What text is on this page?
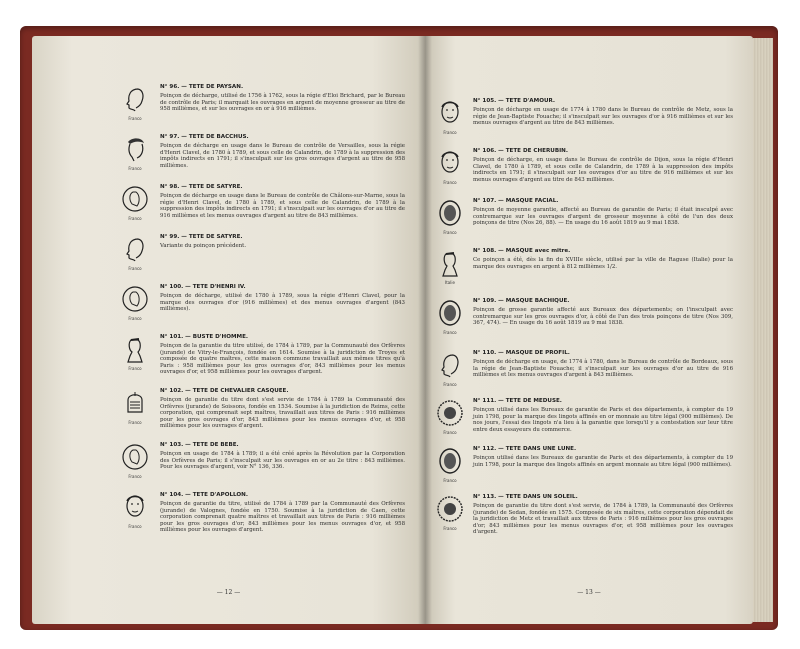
Franco
N° 96. — TETE DE PAYSAN.
Poinçon de décharge, utilisé de 1756 à 1762, sous la régie d'Eloi Brichard, par le Bureau de contrôle de Paris; il marquait les ouvrages en argent de moyenne grosseur au titre de 958 millièmes, et sur les ouvrages en or à 916 millièmes.
Franco
N° 97. — TETE DE BACCHUS.
Poinçon de décharge en usage dans le Bureau de contrôle de Versailles, sous la régie d'Henri Clavel, de 1780 à 1789, et sous celle de Calandrin, de 1789 à la suppression des impôts indirects en 1791; il s'insculpait sur les gros ouvrages d'argent au titre de 958 millièmes.
Franco
N° 98. — TETE DE SATYRE.
Poinçon de décharge en usage dans le Bureau de contrôle de Châlons-sur-Marne, sous la régie d'Henri Clavel, de 1780 à 1789, et sous celle de Calandrin, de 1789 à la suppression des impôts indirects en 1791; il s'insculpait sur les ouvrages d'or au titre de 916 millièmes et les menus ouvrages d'argent au titre de 843 millièmes.
Franco
N° 99. — TETE DE SATYRE.
Variante du poinçon précédent.
Franco
N° 100. — TETE D'HENRI IV.
Poinçon de décharge, utilisé de 1780 à 1789, sous la régie d'Henri Clavel, pour la marque des ouvrages d'or (916 millièmes) et des menus ouvrages d'argent (843 millièmes).
Franco
N° 101. — BUSTE D'HOMME.
Poinçon de la garantie du titre utilisé, de 1784 à 1789, par la Communauté des Orfèvres (jurande) de Vitry-le-François, fondée en 1614. Soumise à la juridiction de Troyes et composée de quatre maîtres, cette maison commune travaillait aux mêmes titres qu'à Paris : 958 millièmes pour les gros ouvrages d'or, 843 millièmes pour les menus ouvrages d'or, et 958 millièmes pour les ouvrages d'argent.
Franco
N° 102. — TETE DE CHEVALIER CASQUEE.
Poinçon de garantie du titre dont s'est servie de 1784 à 1789 la Communauté des Orfèvres (jurande) de Soissons, fondée en 1534. Soumise à la juridiction de Reims, cette corporation, qui comprenait sept maîtres, travaillait aux titres de Paris : 916 millièmes pour les gros ouvrages d'or; 843 millièmes pour les menus ouvrages d'or, et 958 millièmes pour les ouvrages d'argent.
Franco
N° 103. — TETE DE BEBE.
Poinçon en usage de 1784 à 1789; il a été créé après la Révolution par la Corporation des Orfèvres de Paris; il s'insculpait sur les ouvrages en or au 2e titre : 843 millièmes. Pour les ouvrages d'argent, voir N° 136, 336.
Franco
N° 104. — TETE D'APOLLON.
Poinçon de garantie du titre, utilisé de 1784 à 1789 par la Communauté des Orfèvres (jurande) de Valognes, fondée en 1750. Soumise à la juridiction de Caen, cette corporation comprenait quatre maîtres et travaillait aux titres de Paris : 916 millièmes pour les gros ouvrages d'or; 843 millièmes pour les menus ouvrages d'or, et 958 millièmes pour les ouvrages d'argent.
— 12 —
Franco
N° 105. — TETE D'AMOUR.
Poinçon de décharge en usage de 1774 à 1780 dans le Bureau de contrôle de Metz, sous la régie de Jean-Baptiste Fouache; il s'insculpait sur les ouvrages d'or à 916 millièmes et sur les menus ouvrages d'argent au titre de 843 millièmes.
Franco
N° 106. — TETE DE CHERUBIN.
Poinçon de décharge, en usage dans le Bureau de contrôle de Dijon, sous la régie d'Henri Clavel, de 1780 à 1789, et sous celle de Calandrin, de 1789 à la suppression des impôts indirects en 1791; il s'insculpait sur les ouvrages d'or au titre de 916 millièmes et sur les menus ouvrages d'argent au titre de 843 millièmes.
Franco
N° 107. — MASQUE FACIAL.
Poinçon de moyenne garantie, affecté au Bureau de garantie de Paris; il était insculpé avec contremarque sur les ouvrages d'argent de grosseur moyenne à côté de l'un des deux poinçons de titre (Nos 26, 88). — En usage du 16 août 1819 au 9 mai 1838.
Italie
N° 108. — MASQUE avec mitre.
Ce poinçon a été, dès la fin du XVIIIe siècle, utilisé par la ville de Raguse (Italie) pour la marque des ouvrages en argent à 812 millièmes 1/2.
Franco
N° 109. — MASQUE BACHIQUE.
Poinçon de grosse garantie affecté aux Bureaux des départements; on l'insculpait avec contremarque sur les gros ouvrages d'or, à côté de l'un des trois poinçons de titre (Nos 309, 367, 474). — En usage du 16 août 1819 au 9 mai 1838.
Franco
N° 110. — MASQUE DE PROFIL.
Poinçon de décharge en usage, de 1774 à 1780, dans le Bureau de contrôle de Bordeaux, sous la régie de Jean-Baptiste Fouache; il s'insculpait sur les ouvrages d'or au titre de 916 millièmes et les menus ouvrages d'argent à 843 millièmes.
Franco
N° 111. — TETE DE MEDUSE.
Poinçon utilisé dans les Bureaux de garantie de Paris et des départements, à compter du 19 juin 1798, pour la marque des lingots affinés en or monnaie au titre légal (900 millièmes). De nos jours, l'essai des lingots n'a lieu à la garantie que lorsqu'il y a contestation sur leur titre entre deux essayeurs du commerce.
Franco
N° 112. — TETE DANS UNE LUNE.
Poinçon utilisé dans les Bureaux de garantie de Paris et des départements, à compter du 19 juin 1798, pour la marque des lingots affinés en argent monnaie au titre légal (900 millièmes).
Franco
N° 113. — TETE DANS UN SOLEIL.
Poinçon de garantie du titre dont s'est servie, de 1784 à 1789, la Communauté des Orfèvres (jurande) de Sedan, fondée en 1575. Composée de six maîtres, cette corporation dépendait de la juridiction de Metz et travaillait aux titres de Paris : 916 millièmes pour les gros ouvrages d'or; 843 millièmes pour les menus ouvrages d'or, et 958 millièmes pour les ouvrages d'argent.
— 13 —
